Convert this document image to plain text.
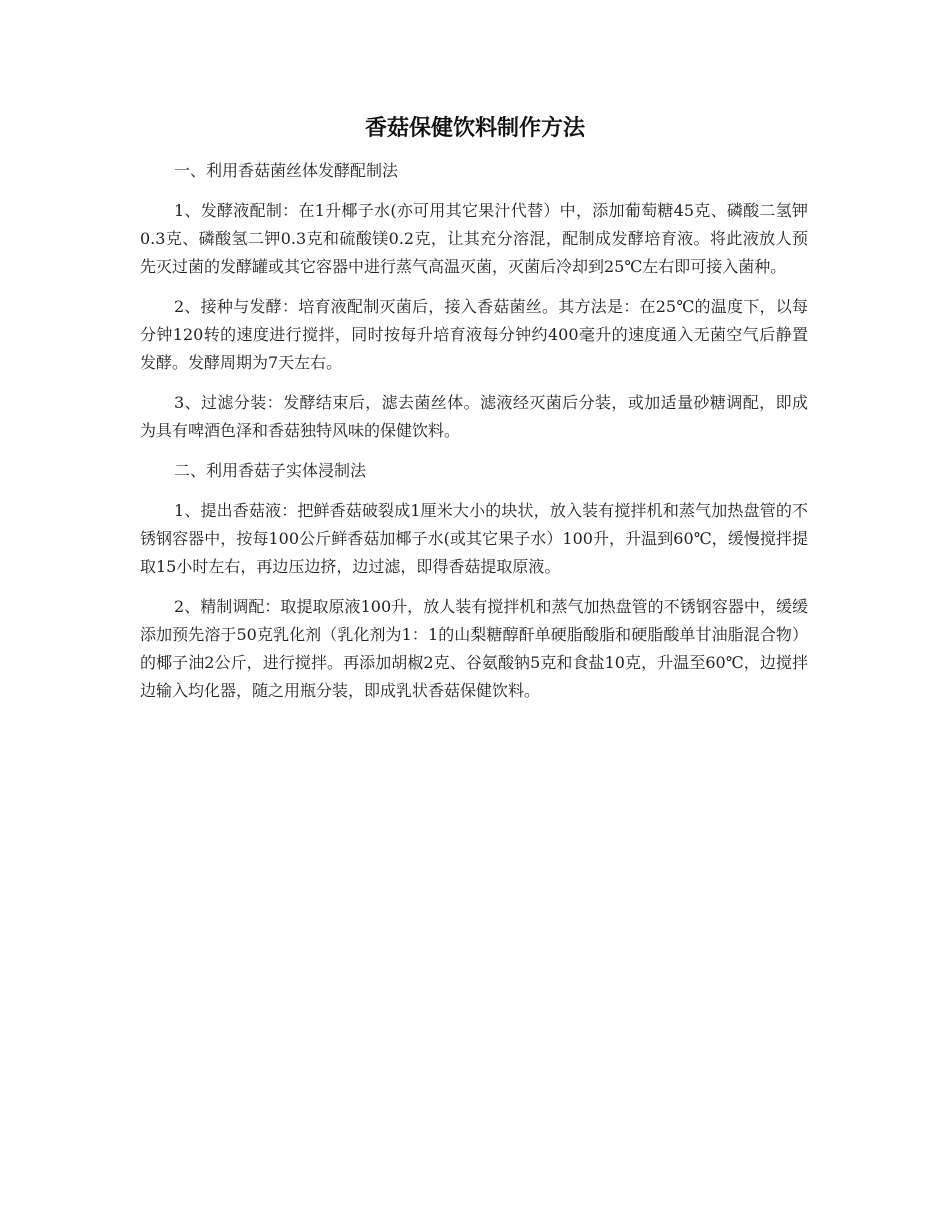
香菇保健饮料制作方法

一、利用香菇菌丝体发酵配制法

1、发酵液配制：在1升椰子水(亦可用其它果汁代替）中，添加葡萄糖45克、磷酸二氢钾0.3克、磷酸氢二钾0.3克和硫酸镁0.2克，让其充分溶混，配制成发酵培育液。将此液放人预先灭过菌的发酵罐或其它容器中进行蒸气高温灭菌，灭菌后冷却到25℃左右即可接入菌种。

2、接种与发酵：培育液配制灭菌后，接入香菇菌丝。其方法是：在25℃的温度下，以每分钟120转的速度进行搅拌，同时按每升培育液每分钟约400毫升的速度通入无菌空气后静置发酵。发酵周期为7天左右。

3、过滤分装：发酵结束后，滤去菌丝体。滤液经灭菌后分装，或加适量砂糖调配，即成为具有啤酒色泽和香菇独特风味的保健饮料。

二、利用香菇子实体浸制法

1、提出香菇液：把鲜香菇破裂成1厘米大小的块状，放入装有搅拌机和蒸气加热盘管的不锈钢容器中，按每100公斤鲜香菇加椰子水(或其它果子水）100升，升温到60℃，缓慢搅拌提取15小时左右，再边压边挤，边过滤，即得香菇提取原液。

2、精制调配：取提取原液100升，放人装有搅拌机和蒸气加热盘管的不锈钢容器中，缓缓添加预先溶于50克乳化剂（乳化剂为1：1的山梨糖醇酐单硬脂酸脂和硬脂酸单甘油脂混合物）的椰子油2公斤，进行搅拌。再添加胡椒2克、谷氨酸钠5克和食盐10克，升温至60℃，边搅拌边输入均化器，随之用瓶分装，即成乳状香菇保健饮料。
